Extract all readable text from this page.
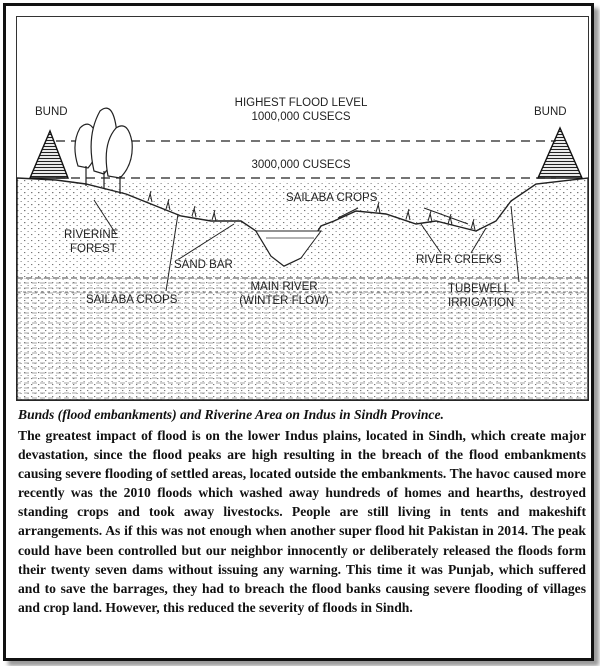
BUND	BUND
HIGHEST FLOOD LEVEL
1000,000 CUSECS
3000,000 CUSECS
SAILABA CROPS
RIVERINE
FOREST
SAND BAR
SAILABA CROPS
MAIN RIVER
(WINTER FLOW)
RIVER CREEKS
TUBEWELL
IRRIGATION
Bunds (flood embankments) and Riverine Area on Indus in Sindh Province.
The greatest impact of flood is on the lower Indus plains, located in Sindh, which create major devastation, since the flood peaks are high resulting in the breach of the flood embankments causing severe flooding of settled areas, located outside the embankments. The havoc caused more recently was the 2010 floods which washed away hundreds of homes and hearths, destroyed standing crops and took away livestocks. People are still living in tents and makeshift arrangements. As if this was not enough when another super flood hit Pakistan in 2014. The peak could have been controlled but our neighbor innocently or deliberately released the floods form their twenty seven dams without issuing any warning. This time it was Punjab, which suffered and to save the barrages, they had to breach the flood banks causing severe flooding of villages and crop land. However, this reduced the severity of floods in Sindh.
